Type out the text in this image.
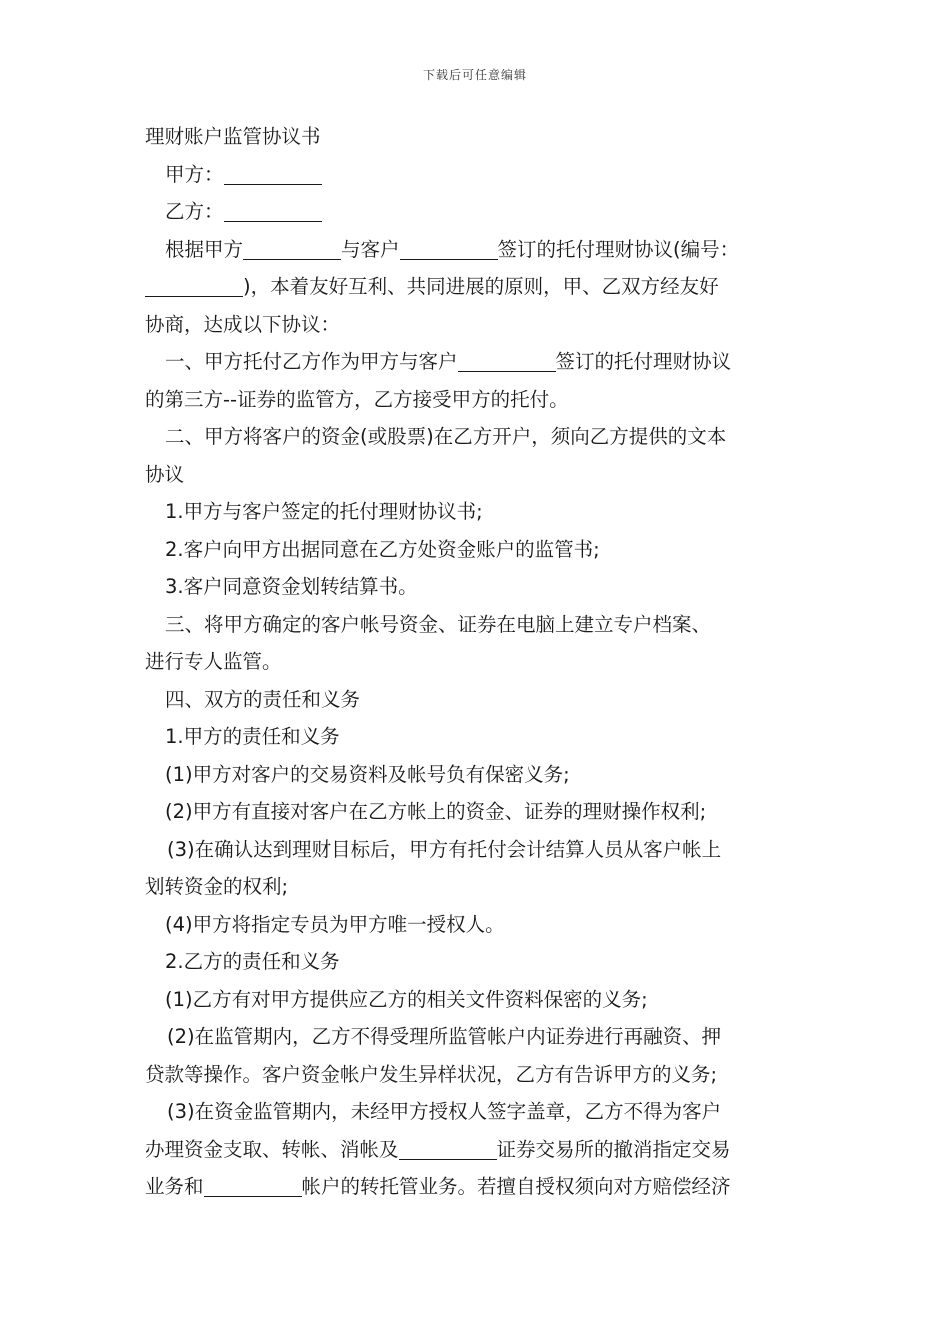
下载后可任意编辑
理财账户监管协议书
甲方：
乙方：
根据甲方	与客户	签订的托付理财协议(编号：
)，本着友好互利、共同进展的原则，甲、乙双方经友好
协商，达成以下协议：
一、甲方托付乙方作为甲方与客户	签订的托付理财协议
的第三方--证券的监管方，乙方接受甲方的托付。
二、甲方将客户的资金(或股票)在乙方开户，须向乙方提供的文本
协议
1.甲方与客户签定的托付理财协议书;
2.客户向甲方出据同意在乙方处资金账户的监管书;
3.客户同意资金划转结算书。
三、将甲方确定的客户帐号资金、证券在电脑上建立专户档案、
进行专人监管。
四、双方的责任和义务
1.甲方的责任和义务
(1)甲方对客户的交易资料及帐号负有保密义务;
(2)甲方有直接对客户在乙方帐上的资金、证券的理财操作权利;
(3)在确认达到理财目标后，甲方有托付会计结算人员从客户帐上
划转资金的权利;
(4)甲方将指定专员为甲方唯一授权人。
2.乙方的责任和义务
(1)乙方有对甲方提供应乙方的相关文件资料保密的义务;
(2)在监管期内，乙方不得受理所监管帐户内证券进行再融资、押
贷款等操作。客户资金帐户发生异样状况，乙方有告诉甲方的义务;
(3)在资金监管期内，未经甲方授权人签字盖章，乙方不得为客户
办理资金支取、转帐、消帐及	证券交易所的撤消指定交易
业务和	帐户的转托管业务。若擅自授权须向对方赔偿经济
